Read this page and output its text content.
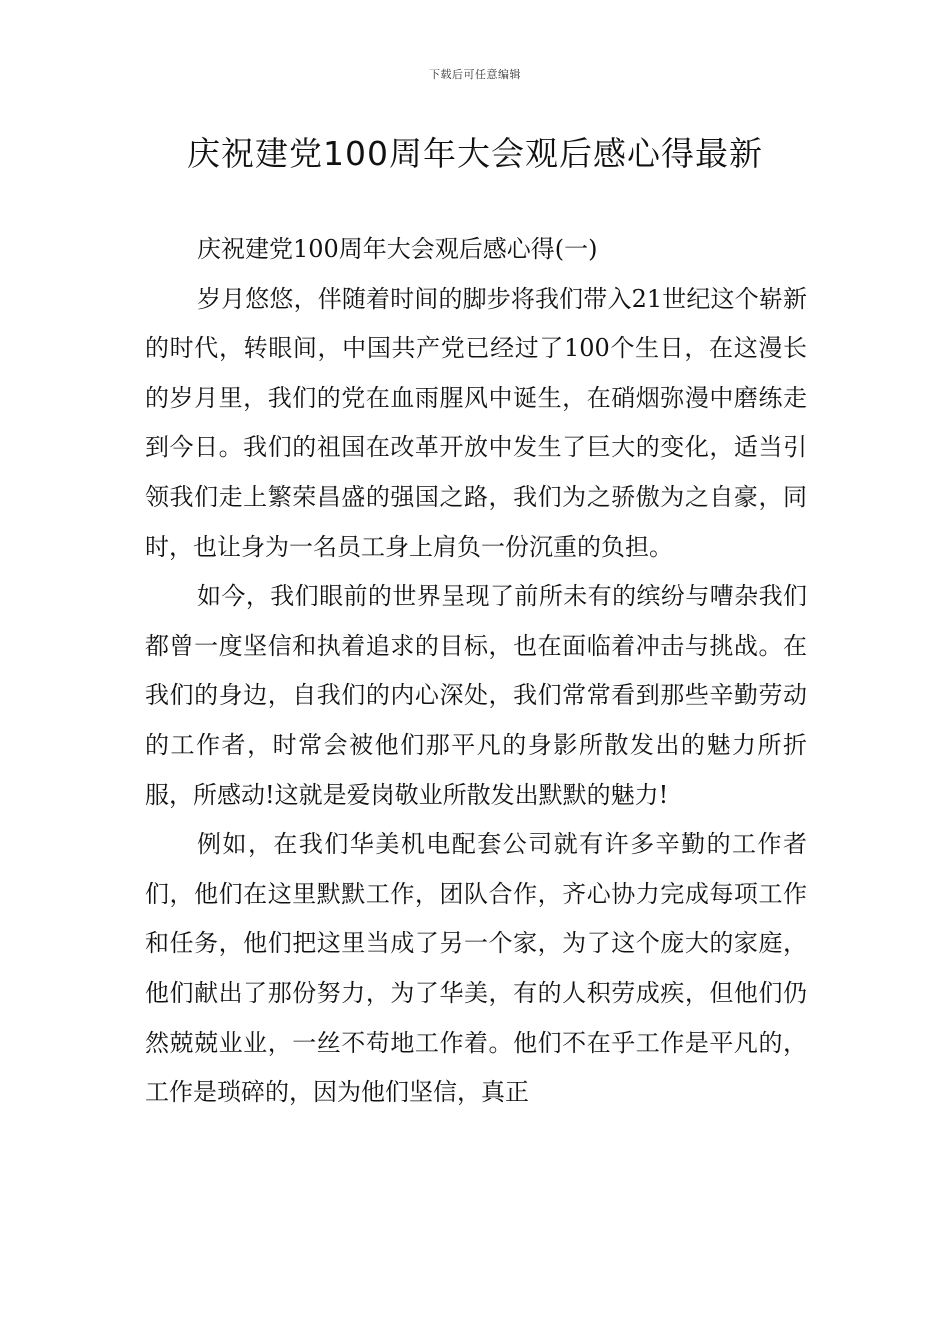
下载后可任意编辑
庆祝建党100周年大会观后感心得最新

庆祝建党100周年大会观后感心得(一)

岁月悠悠，伴随着时间的脚步将我们带入21世纪这个崭新的时代，转眼间，中国共产党已经过了100个生日，在这漫长的岁月里，我们的党在血雨腥风中诞生，在硝烟弥漫中磨练走到今日。我们的祖国在改革开放中发生了巨大的变化，适当引领我们走上繁荣昌盛的强国之路，我们为之骄傲为之自豪，同时，也让身为一名员工身上肩负一份沉重的负担。

如今，我们眼前的世界呈现了前所未有的缤纷与嘈杂我们都曾一度坚信和执着追求的目标，也在面临着冲击与挑战。在我们的身边，自我们的内心深处，我们常常看到那些辛勤劳动的工作者，时常会被他们那平凡的身影所散发出的魅力所折服，所感动!这就是爱岗敬业所散发出默默的魅力!

例如，在我们华美机电配套公司就有许多辛勤的工作者们，他们在这里默默工作，团队合作，齐心协力完成每项工作和任务，他们把这里当成了另一个家，为了这个庞大的家庭，他们献出了那份努力，为了华美，有的人积劳成疾，但他们仍然兢兢业业，一丝不苟地工作着。他们不在乎工作是平凡的，工作是琐碎的，因为他们坚信，真正
